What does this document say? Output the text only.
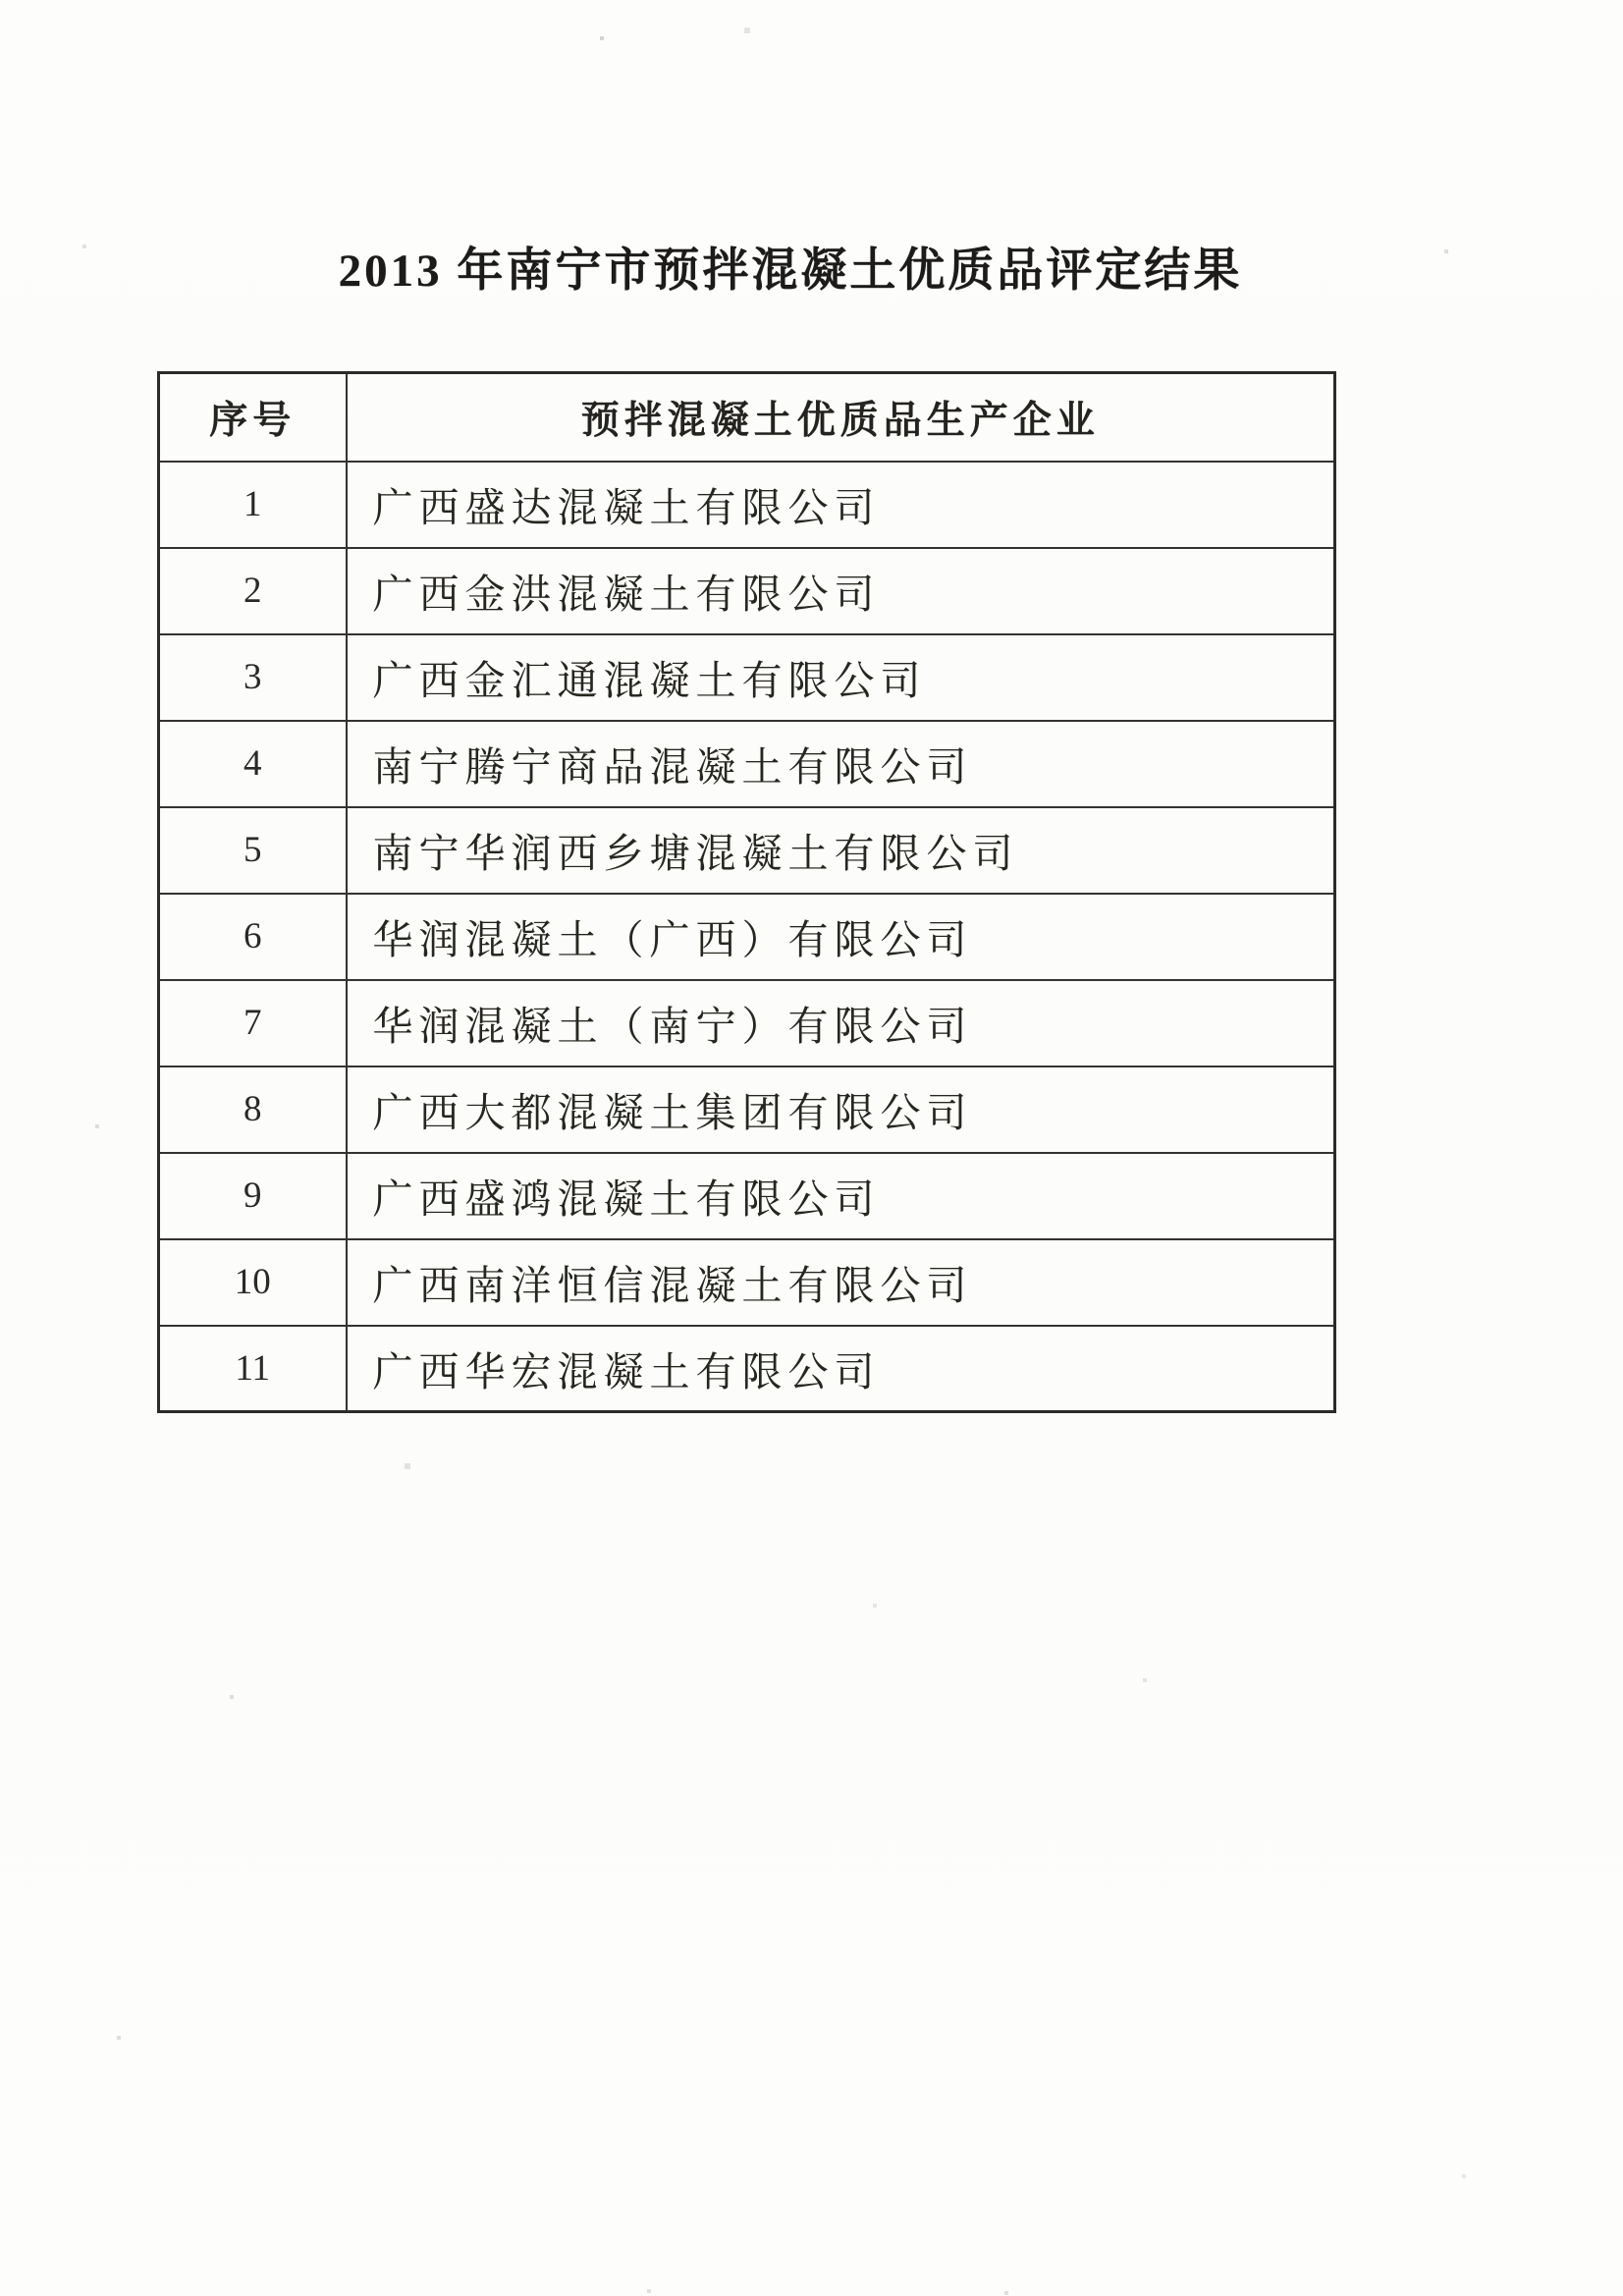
2013 年南宁市预拌混凝土优质品评定结果
序号	预拌混凝土优质品生产企业
1	广西盛达混凝土有限公司
2	广西金洪混凝土有限公司
3	广西金汇通混凝土有限公司
4	南宁腾宁商品混凝土有限公司
5	南宁华润西乡塘混凝土有限公司
6	华润混凝土（广西）有限公司
7	华润混凝土（南宁）有限公司
8	广西大都混凝土集团有限公司
9	广西盛鸿混凝土有限公司
10	广西南洋恒信混凝土有限公司
11	广西华宏混凝土有限公司
